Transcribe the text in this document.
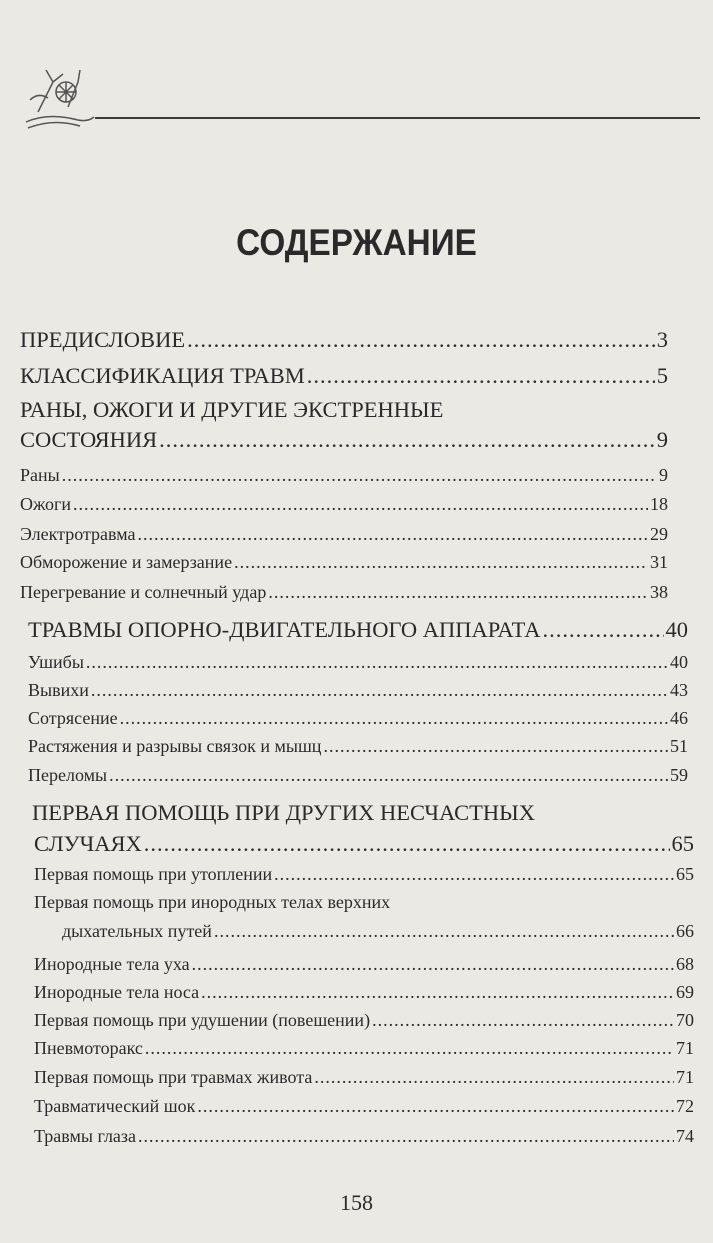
СОДЕРЖАНИЕ
ПРЕДИСЛОВИЕ .....	3
КЛАССИФИКАЦИЯ ТРАВМ .....	5
РАНЫ, ОЖОГИ И ДРУГИЕ ЭКСТРЕННЫЕ
СОСТОЯНИЯ .....	9
Раны .....	9
Ожоги .....	18
Электротравма .....	29
Обморожение и замерзание .....	31
Перегревание и солнечный удар .....	38
ТРАВМЫ ОПОРНО-ДВИГАТЕЛЬНОГО АППАРАТА .....	40
Ушибы .....	40
Вывихи .....	43
Сотрясение .....	46
Растяжения и разрывы связок и мышц .....	51
Переломы .....	59
ПЕРВАЯ ПОМОЩЬ ПРИ ДРУГИХ НЕСЧАСТНЫХ
СЛУЧАЯХ .....	65
Первая помощь при утоплении .....	65
Первая помощь при инородных телах верхних
дыхательных путей .....	66
Инородные тела уха .....	68
Инородные тела носа .....	69
Первая помощь при удушении (повешении) .....	70
Пневмоторакс .....	71
Первая помощь при травмах живота .....	71
Травматический шок .....	72
Травмы глаза .....	74
158
